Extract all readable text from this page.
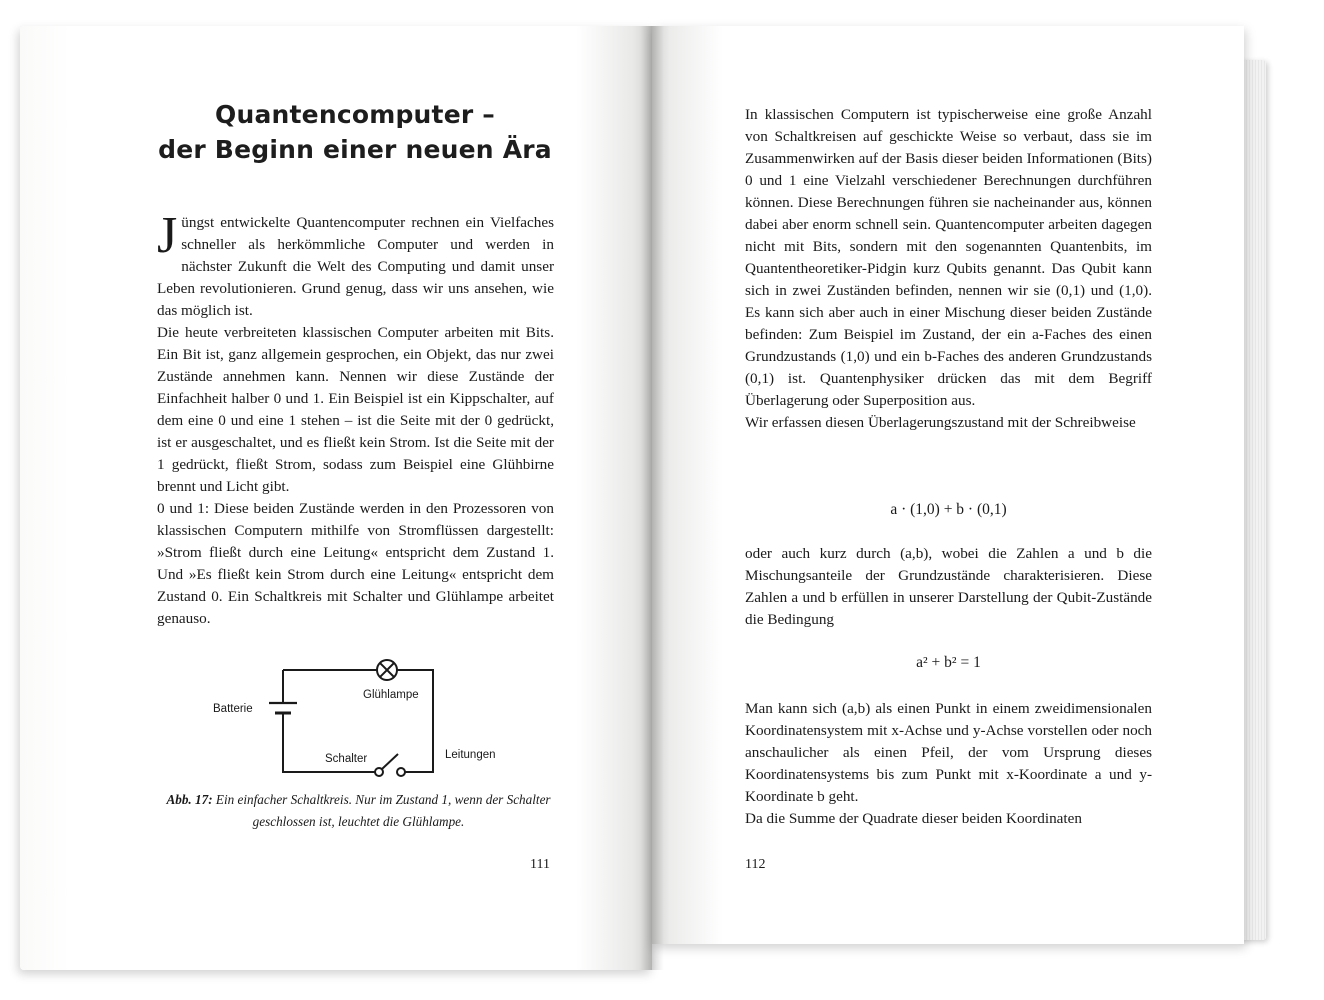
Quantencomputer –
der Beginn einer neuen Ära

Jüngst entwickelte Quantencomputer rechnen ein Vielfaches schneller als herkömmliche Computer und werden in nächster Zukunft die Welt des Computing und damit unser Leben revolutionieren. Grund genug, dass wir uns ansehen, wie das möglich ist.

Die heute verbreiteten klassischen Computer arbeiten mit Bits. Ein Bit ist, ganz allgemein gesprochen, ein Objekt, das nur zwei Zustände annehmen kann. Nennen wir diese Zustände der Einfachheit halber 0 und 1. Ein Beispiel ist ein Kippschalter, auf dem eine 0 und eine 1 stehen – ist die Seite mit der 0 gedrückt, ist er ausgeschaltet, und es fließt kein Strom. Ist die Seite mit der 1 gedrückt, fließt Strom, sodass zum Beispiel eine Glühbirne brennt und Licht gibt.

0 und 1: Diese beiden Zustände werden in den Prozessoren von klassischen Computern mithilfe von Stromflüssen dargestellt: »Strom fließt durch eine Leitung« entspricht dem Zustand 1. Und »Es fließt kein Strom durch eine Leitung« entspricht dem Zustand 0. Ein Schaltkreis mit Schalter und Glühlampe arbeitet genauso.

Batterie
Glühlampe
Schalter	Leitungen
Abb. 17: Ein einfacher Schaltkreis. Nur im Zustand 1, wenn der Schalter geschlossen ist, leuchtet die Glühlampe.
111

In klassischen Computern ist typischerweise eine große Anzahl von Schaltkreisen auf geschickte Weise so verbaut, dass sie im Zusammenwirken auf der Basis dieser beiden Informationen (Bits) 0 und 1 eine Vielzahl verschiedener Berechnungen durchführen können. Diese Berechnungen führen sie nacheinander aus, können dabei aber enorm schnell sein. Quantencomputer arbeiten dagegen nicht mit Bits, sondern mit den sogenannten Quantenbits, im Quantentheoretiker-Pidgin kurz Qubits genannt. Das Qubit kann sich in zwei Zuständen befinden, nennen wir sie (0,1) und (1,0). Es kann sich aber auch in einer Mischung dieser beiden Zustände befinden: Zum Beispiel im Zustand, der ein a-Faches des einen Grundzustands (1,0) und ein b-Faches des anderen Grundzustands (0,1) ist. Quantenphysiker drücken das mit dem Begriff Überlagerung oder Superposition aus.

Wir erfassen diesen Überlagerungszustand mit der Schreibweise

a · (1,0) + b · (0,1)

oder auch kurz durch (a,b), wobei die Zahlen a und b die Mischungsanteile der Grundzustände charakterisieren. Diese Zahlen a und b erfüllen in unserer Darstellung der Qubit-Zustände die Bedingung

a² + b² = 1

Man kann sich (a,b) als einen Punkt in einem zweidimensionalen Koordinatensystem mit x-Achse und y-Achse vorstellen oder noch anschaulicher als einen Pfeil, der vom Ursprung dieses Koordinatensystems bis zum Punkt mit x-Koordinate a und y-Koordinate b geht.

Da die Summe der Quadrate dieser beiden Koordinaten

112
